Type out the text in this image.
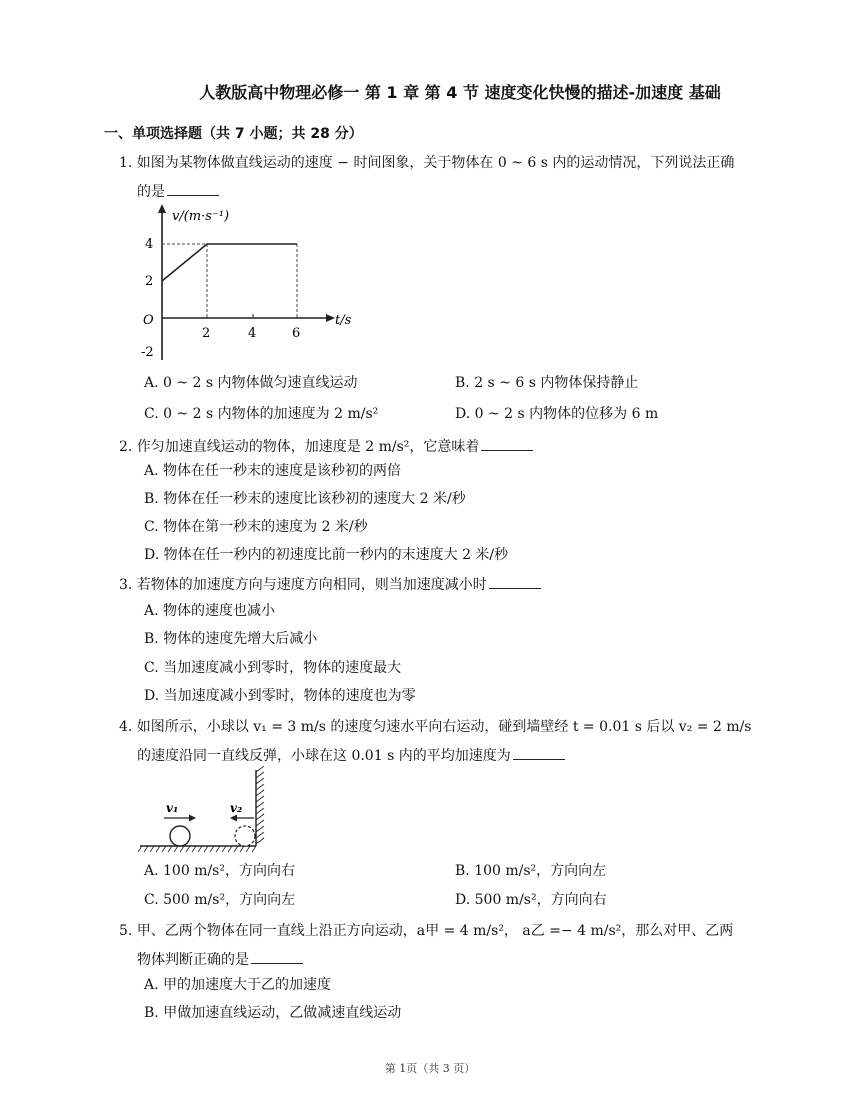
人教版高中物理必修一 第 1 章 第 4 节 速度变化快慢的描述-加速度 基础
一、单项选择题（共 7 小题；共 28 分）
1. 如图为某物体做直线运动的速度 − 时间图象，关于物体在 0 ~ 6 s 内的运动情况，下列说法正确
的是
v/(m·s⁻¹)
t/s
O
4
2
-2
2	4	6
A. 0 ~ 2 s 内物体做匀速直线运动	B. 2 s ~ 6 s 内物体保持静止
C. 0 ~ 2 s 内物体的加速度为 2 m/s²	D. 0 ~ 2 s 内物体的位移为 6 m
2. 作匀加速直线运动的物体，加速度是 2 m/s²，它意味着
A. 物体在任一秒末的速度是该秒初的两倍
B. 物体在任一秒末的速度比该秒初的速度大 2 米/秒
C. 物体在第一秒末的速度为 2 米/秒
D. 物体在任一秒内的初速度比前一秒内的末速度大 2 米/秒
3. 若物体的加速度方向与速度方向相同，则当加速度减小时
A. 物体的速度也减小
B. 物体的速度先增大后减小
C. 当加速度减小到零时，物体的速度最大
D. 当加速度减小到零时，物体的速度也为零
4. 如图所示，小球以 v₁ = 3 m/s 的速度匀速水平向右运动，碰到墙壁经 t = 0.01 s 后以 v₂ = 2 m/s
的速度沿同一直线反弹，小球在这 0.01 s 内的平均加速度为
v₁	v₂
A. 100 m/s²，方向向右	B. 100 m/s²，方向向左
C. 500 m/s²，方向向左	D. 500 m/s²，方向向右
5. 甲、乙两个物体在同一直线上沿正方向运动，a甲 = 4 m/s²， a乙 =− 4 m/s²，那么对甲、乙两
物体判断正确的是
A. 甲的加速度大于乙的加速度
B. 甲做加速直线运动，乙做减速直线运动
第 1页（共 3 页）
